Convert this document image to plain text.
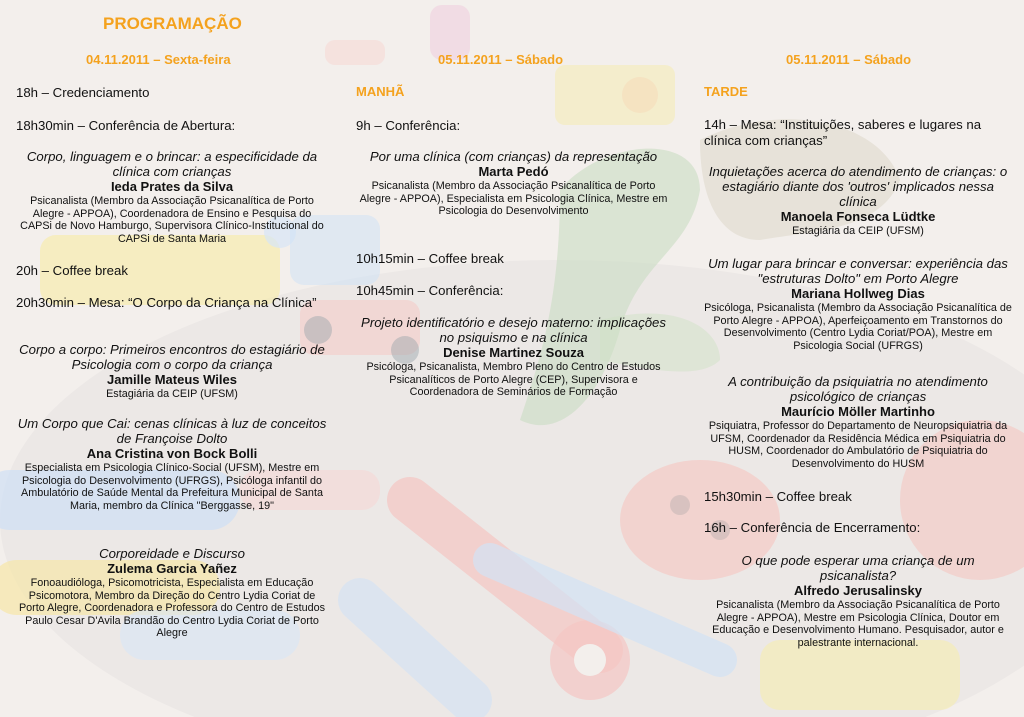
PROGRAMAÇÃO
04.11.2011 – Sexta-feira
18h – Credenciamento
18h30min – Conferência de Abertura:
Corpo, linguagem e o brincar: a especificidade da clínica com crianças
Ieda Prates da Silva
Psicanalista (Membro da Associação Psicanalítica de Porto Alegre - APPOA), Coordenadora de Ensino e Pesquisa do CAPSi de Novo Hamburgo, Supervisora Clínico-Institucional do CAPSi de Santa Maria
20h – Coffee break
20h30min – Mesa: “O Corpo da Criança na Clínica”
Corpo a corpo: Primeiros encontros do estagiário de Psicologia com o corpo da criança
Jamille Mateus Wiles
Estagiária da CEIP (UFSM)
Um Corpo que Cai: cenas clínicas à luz de conceitos de Françoise Dolto
Ana Cristina von Bock Bolli
Especialista em Psicologia Clínico-Social (UFSM), Mestre em Psicologia do Desenvolvimento (UFRGS), Psicóloga infantil do Ambulatório de Saúde Mental da Prefeitura Municipal de Santa Maria, membro da Clínica "Berggasse, 19"
Corporeidade e Discurso
Zulema Garcia Yañez
Fonoaudióloga, Psicomotricista, Especialista em Educação Psicomotora, Membro da Direção do Centro Lydia Coriat de Porto Alegre, Coordenadora e Professora do Centro de Estudos Paulo Cesar D'Avila Brandão do Centro Lydia Coriat de Porto Alegre
05.11.2011 – Sábado
MANHÃ
9h – Conferência:
Por uma clínica (com crianças) da representação
Marta Pedó
Psicanalista (Membro da Associação Psicanalítica de Porto Alegre - APPOA), Especialista em Psicologia Clínica, Mestre em Psicologia do Desenvolvimento
10h15min – Coffee break
10h45min – Conferência:
Projeto identificatório e desejo materno: implicações no psiquismo e na clínica
Denise Martinez Souza
Psicóloga, Psicanalista, Membro Pleno do Centro de Estudos Psicanalíticos de Porto Alegre (CEP), Supervisora e Coordenadora de Seminários de Formação
05.11.2011 – Sábado
TARDE
14h – Mesa: “Instituições, saberes e lugares na clínica com crianças”
Inquietações acerca do atendimento de crianças: o estagiário diante dos 'outros' implicados nessa clínica
Manoela Fonseca Lüdtke
Estagiária da CEIP (UFSM)
Um lugar para brincar e conversar: experiência das "estruturas Dolto" em Porto Alegre
Mariana Hollweg Dias
Psicóloga, Psicanalista (Membro da Associação Psicanalítica de Porto Alegre - APPOA), Aperfeiçoamento em Transtornos do Desenvolvimento (Centro Lydia Coriat/POA), Mestre em Psicologia Social (UFRGS)
A contribuição da psiquiatria no atendimento psicológico de crianças
Maurício Möller Martinho
Psiquiatra, Professor do Departamento de Neuropsiquiatria da UFSM, Coordenador da Residência Médica em Psiquiatria do HUSM, Coordenador do Ambulatório de Psiquiatria do Desenvolvimento do HUSM
15h30min – Coffee break
16h – Conferência de Encerramento:
O que pode esperar uma criança de um psicanalista?
Alfredo Jerusalinsky
Psicanalista (Membro da Associação Psicanalítica de Porto Alegre - APPOA), Mestre em Psicologia Clínica, Doutor em Educação e Desenvolvimento Humano. Pesquisador, autor e palestrante internacional.
